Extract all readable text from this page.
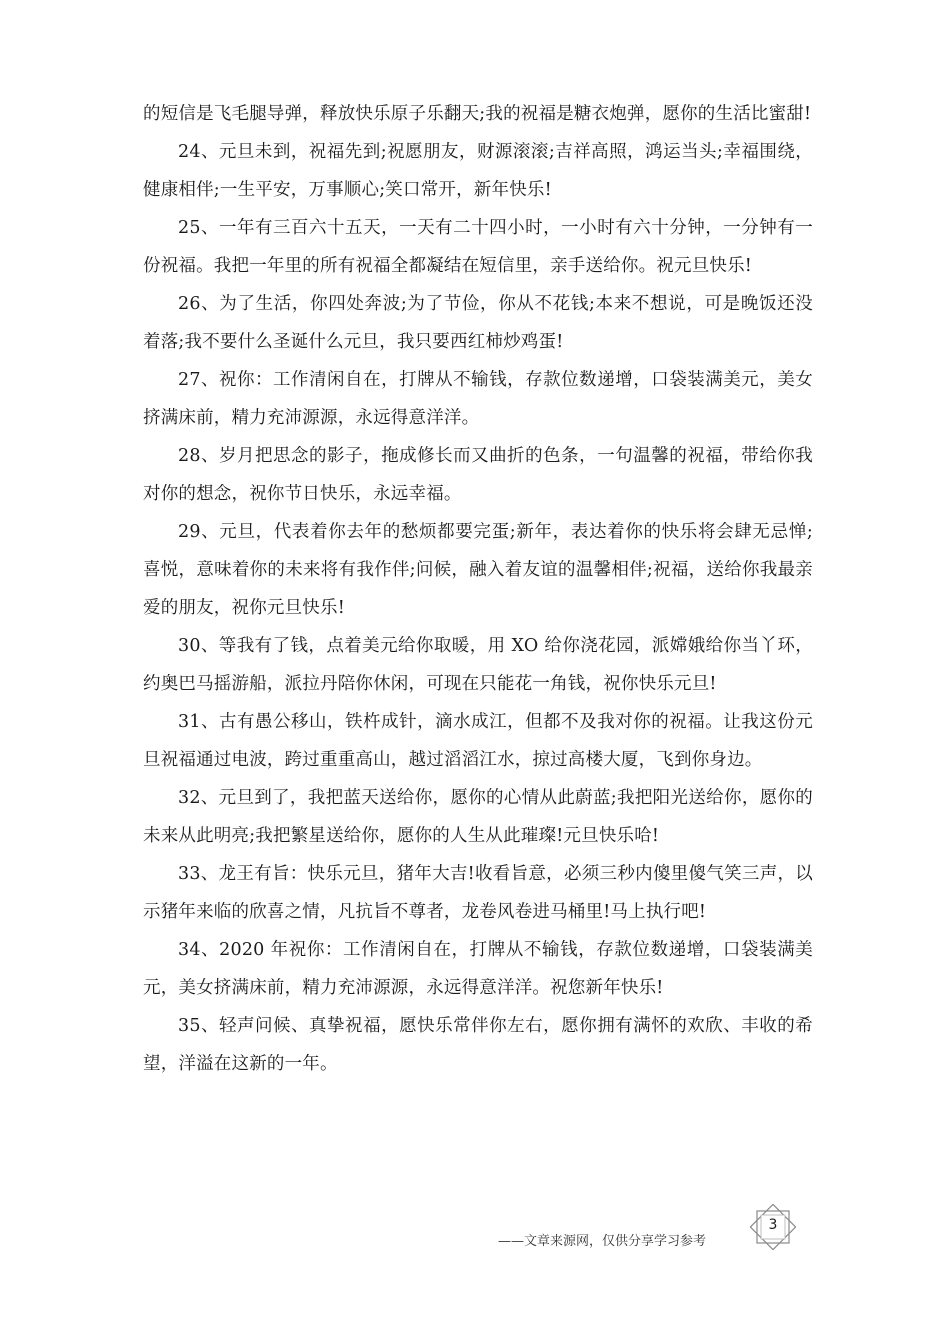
的短信是飞毛腿导弹，释放快乐原子乐翻天;我的祝福是糖衣炮弹，愿你的生活比蜜甜!

24、元旦未到，祝福先到;祝愿朋友，财源滚滚;吉祥高照，鸿运当头;幸福围绕，健康相伴;一生平安，万事顺心;笑口常开，新年快乐!

25、一年有三百六十五天，一天有二十四小时，一小时有六十分钟，一分钟有一份祝福。我把一年里的所有祝福全都凝结在短信里，亲手送给你。祝元旦快乐!

26、为了生活，你四处奔波;为了节俭，你从不花钱;本来不想说，可是晚饭还没着落;我不要什么圣诞什么元旦，我只要西红柿炒鸡蛋!

27、祝你：工作清闲自在，打牌从不输钱，存款位数递增，口袋装满美元，美女挤满床前，精力充沛源源，永远得意洋洋。

28、岁月把思念的影子，拖成修长而又曲折的色条，一句温馨的祝福，带给你我对你的想念，祝你节日快乐，永远幸福。

29、元旦，代表着你去年的愁烦都要完蛋;新年，表达着你的快乐将会肆无忌惮;喜悦，意味着你的未来将有我作伴;问候，融入着友谊的温馨相伴;祝福，送给你我最亲爱的朋友，祝你元旦快乐!

30、等我有了钱，点着美元给你取暖，用 XO 给你浇花园，派嫦娥给你当丫环，约奥巴马摇游船，派拉丹陪你休闲，可现在只能花一角钱，祝你快乐元旦!

31、古有愚公移山，铁杵成针，滴水成江，但都不及我对你的祝福。让我这份元旦祝福通过电波，跨过重重高山，越过滔滔江水，掠过高楼大厦，飞到你身边。

32、元旦到了，我把蓝天送给你，愿你的心情从此蔚蓝;我把阳光送给你，愿你的未来从此明亮;我把繁星送给你，愿你的人生从此璀璨!元旦快乐哈!

33、龙王有旨：快乐元旦，猪年大吉!收看旨意，必须三秒内傻里傻气笑三声，以示猪年来临的欣喜之情，凡抗旨不尊者，龙卷风卷进马桶里!马上执行吧!

34、2020 年祝你：工作清闲自在，打牌从不输钱，存款位数递增，口袋装满美元，美女挤满床前，精力充沛源源，永远得意洋洋。祝您新年快乐!

35、轻声问候、真挚祝福，愿快乐常伴你左右，愿你拥有满怀的欢欣、丰收的希望，洋溢在这新的一年。

——文章来源网，仅供分享学习参考
3
